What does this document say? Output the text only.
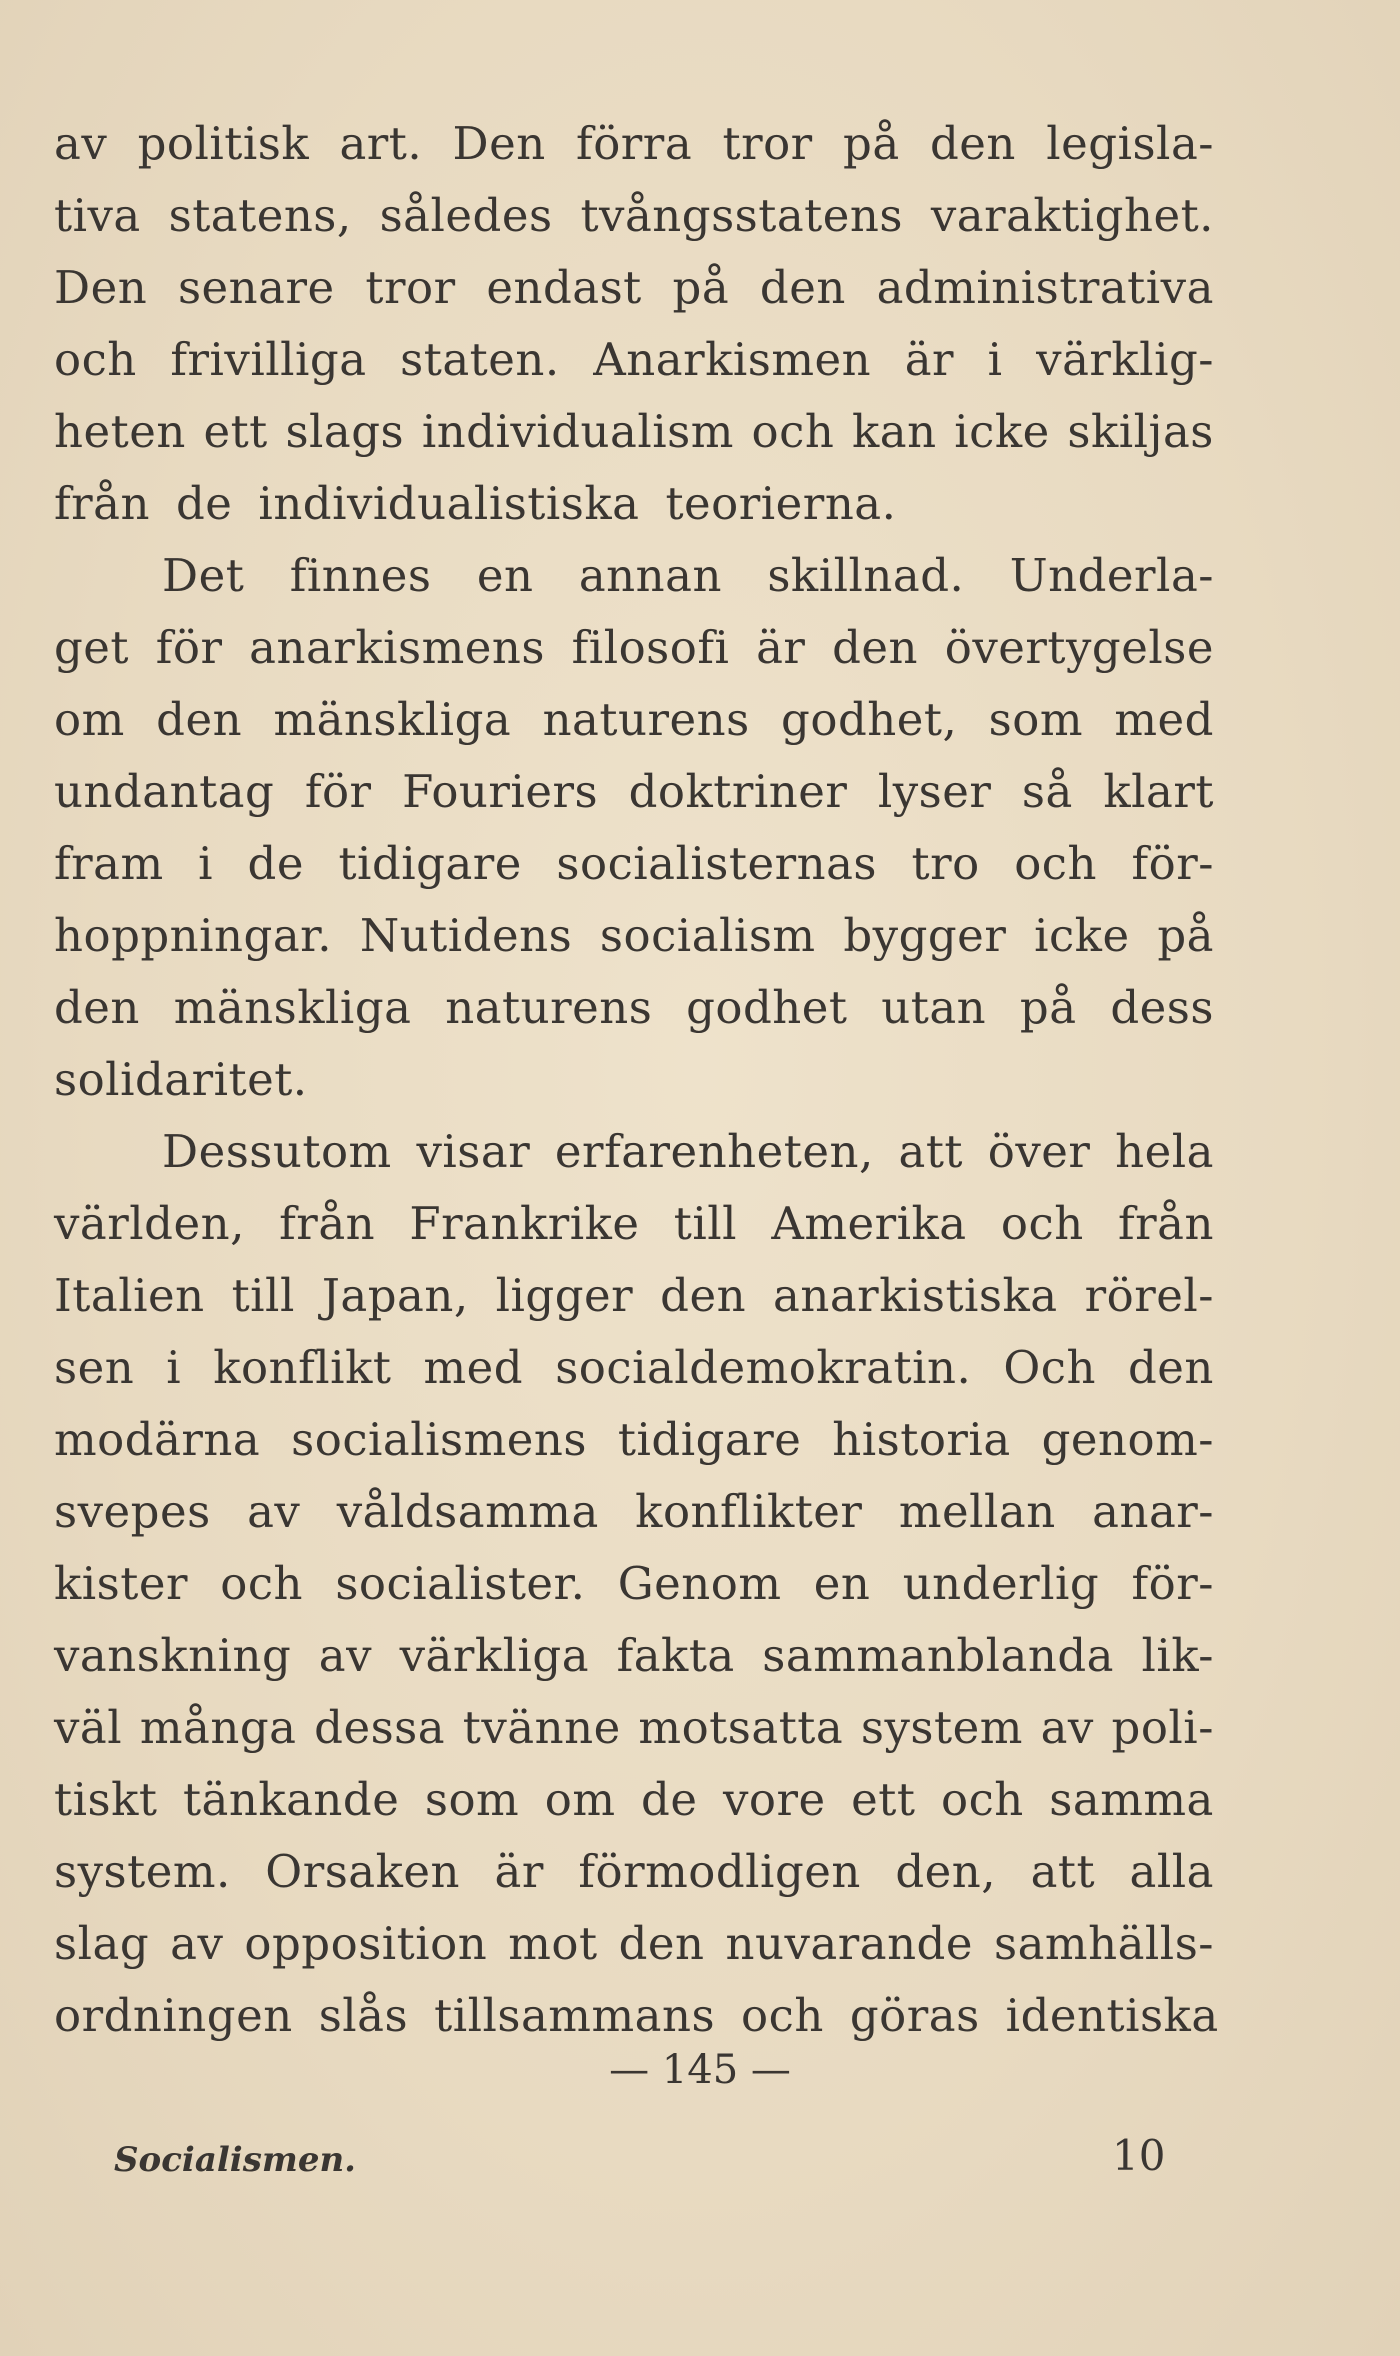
av politisk art. Den förra tror på den legisla-
tiva statens, således tvångsstatens varaktighet.
Den senare tror endast på den administrativa
och frivilliga staten. Anarkismen är i värklig-
heten ett slags individualism och kan icke skiljas
från de individualistiska teorierna.
Det finnes en annan skillnad. Underla-
get för anarkismens filosofi är den övertygelse
om den mänskliga naturens godhet, som med
undantag för Fouriers doktriner lyser så klart
fram i de tidigare socialisternas tro och för-
hoppningar. Nutidens socialism bygger icke på
den mänskliga naturens godhet utan på dess
solidaritet.
Dessutom visar erfarenheten, att över hela
världen, från Frankrike till Amerika och från
Italien till Japan, ligger den anarkistiska rörel-
sen i konflikt med socialdemokratin. Och den
modärna socialismens tidigare historia genom-
svepes av våldsamma konflikter mellan anar-
kister och socialister. Genom en underlig för-
vanskning av värkliga fakta sammanblanda lik-
väl många dessa tvänne motsatta system av poli-
tiskt tänkande som om de vore ett och samma
system. Orsaken är förmodligen den, att alla
slag av opposition mot den nuvarande samhälls-
ordningen slås tillsammans och göras identiska
— 145 —
Socialismen.	10
